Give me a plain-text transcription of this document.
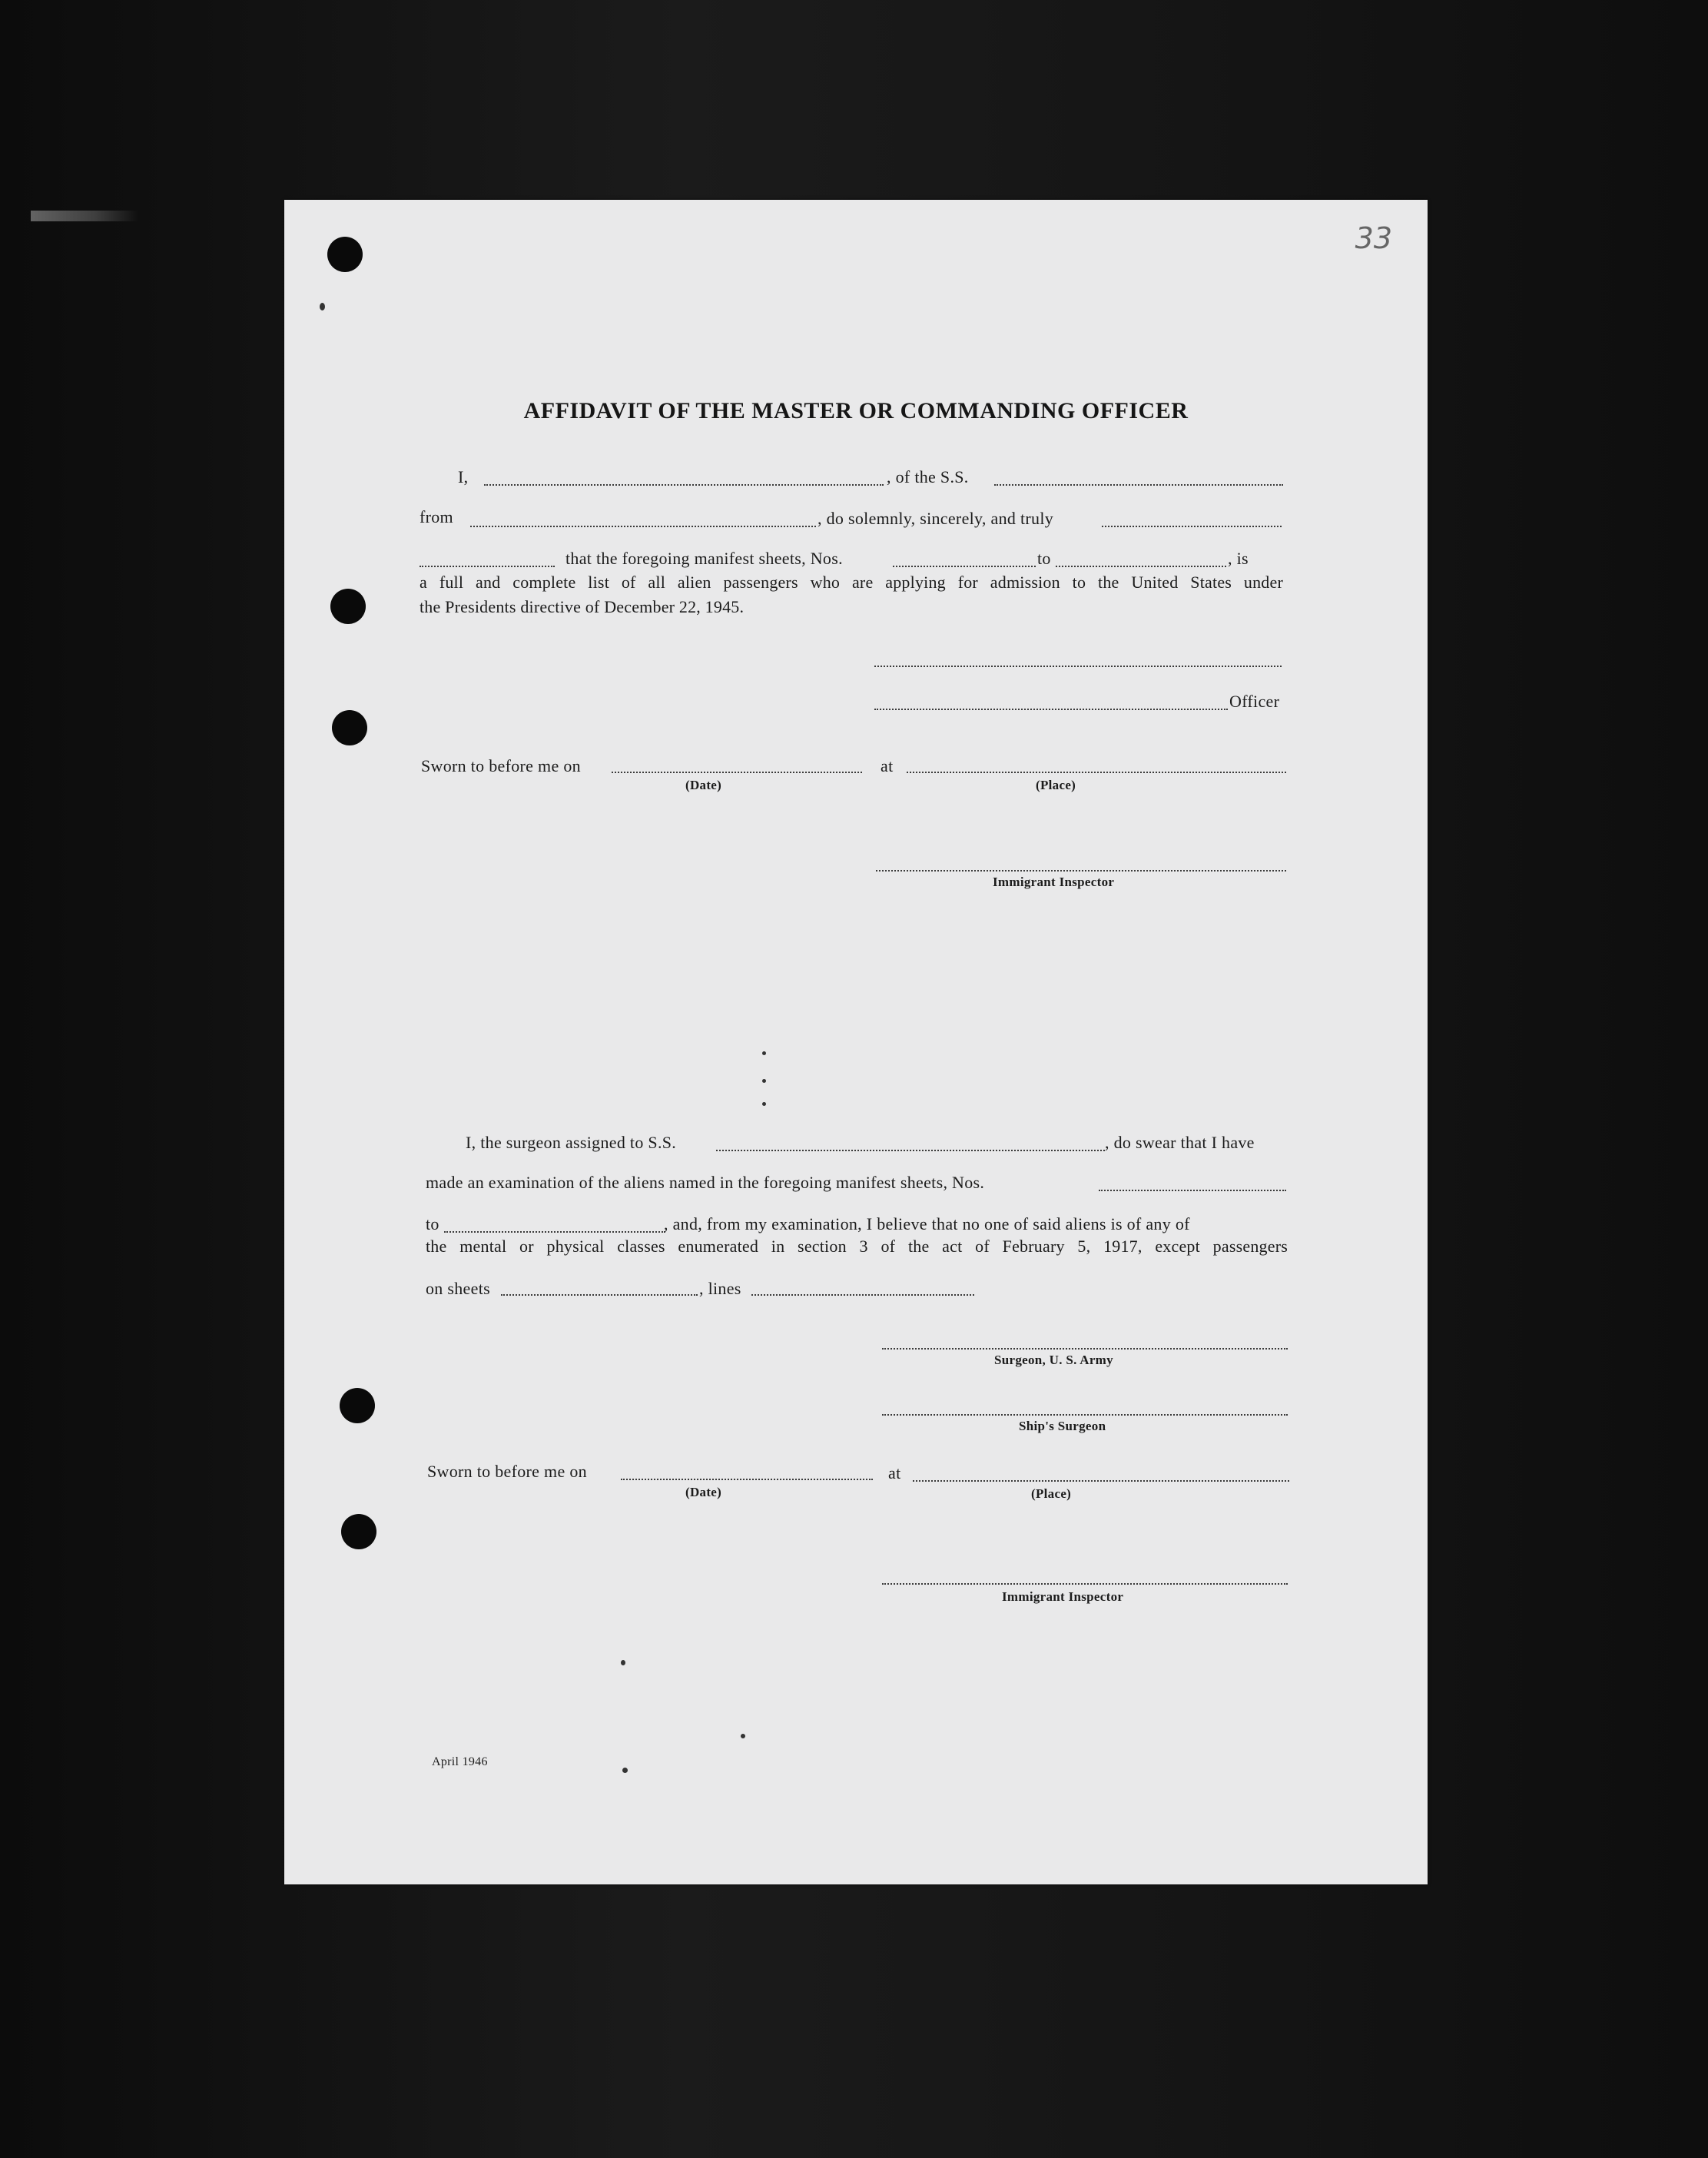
33
AFFIDAVIT OF THE MASTER OR COMMANDING OFFICER
I,	, of the S.S.
from	, do solemnly, sincerely, and truly
that the foregoing manifest sheets, Nos.	to	, is
a full and complete list of all alien passengers who are applying for admission to the United States under
the Presidents directive of December 22, 1945.
Officer
Sworn to before me on	at
(Date)	(Place)
Immigrant Inspector
I, the surgeon assigned to S.S.	, do swear that I have
made an examination of the aliens named in the foregoing manifest sheets, Nos.
to	, and, from my examination, I believe that no one of said aliens is of any of
the mental or physical classes enumerated in section 3 of the act of February 5, 1917, except passengers
on sheets	, lines
Surgeon, U. S. Army
Ship's Surgeon
Sworn to before me on	at
(Date)	(Place)
Immigrant Inspector
April 1946
